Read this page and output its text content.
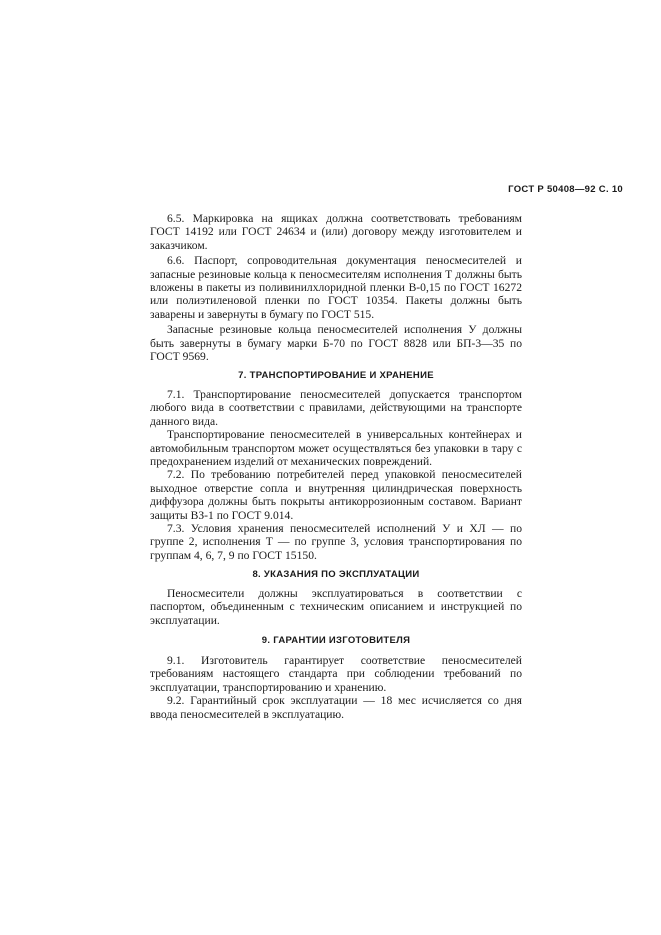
ГОСТ Р 50408—92 С. 10

6.5. Маркировка на ящиках должна соответствовать требованиям ГОСТ 14192 или ГОСТ 24634 и (или) договору между изготовителем и заказчиком.

6.6. Паспорт, сопроводительная документация пеносмесителей и запасные резиновые кольца к пеносмесителям исполнения Т должны быть вложены в пакеты из поливинилхлоридной пленки В-0,15 по ГОСТ 16272 или полиэтиленовой пленки по ГОСТ 10354. Пакеты должны быть заварены и завернуты в бумагу по ГОСТ 515.

Запасные резиновые кольца пеносмесителей исполнения У должны быть завернуты в бумагу марки Б-70 по ГОСТ 8828 или БП-3—35 по ГОСТ 9569.

7. ТРАНСПОРТИРОВАНИЕ И ХРАНЕНИЕ

7.1. Транспортирование пеносмесителей допускается транспортом любого вида в соответствии с правилами, действующими на транспорте данного вида.

Транспортирование пеносмесителей в универсальных контейнерах и автомобильным транспортом может осуществляться без упаковки в тару с предохранением изделий от механических повреждений.

7.2. По требованию потребителей перед упаковкой пеносмесителей выходное отверстие сопла и внутренняя цилиндрическая поверхность диффузора должны быть покрыты антикоррозионным составом. Вариант защиты ВЗ-1 по ГОСТ 9.014.

7.3. Условия хранения пеносмесителей исполнений У и ХЛ — по группе 2, исполнения Т — по группе 3, условия транспортирования по группам 4, 6, 7, 9 по ГОСТ 15150.

8. УКАЗАНИЯ ПО ЭКСПЛУАТАЦИИ

Пеносмесители должны эксплуатироваться в соответствии с паспортом, объединенным с техническим описанием и инструкцией по эксплуатации.

9. ГАРАНТИИ ИЗГОТОВИТЕЛЯ

9.1. Изготовитель гарантирует соответствие пеносмесителей требованиям настоящего стандарта при соблюдении требований по эксплуатации, транспортированию и хранению.

9.2. Гарантийный срок эксплуатации — 18 мес исчисляется со дня ввода пеносмесителей в эксплуатацию.
